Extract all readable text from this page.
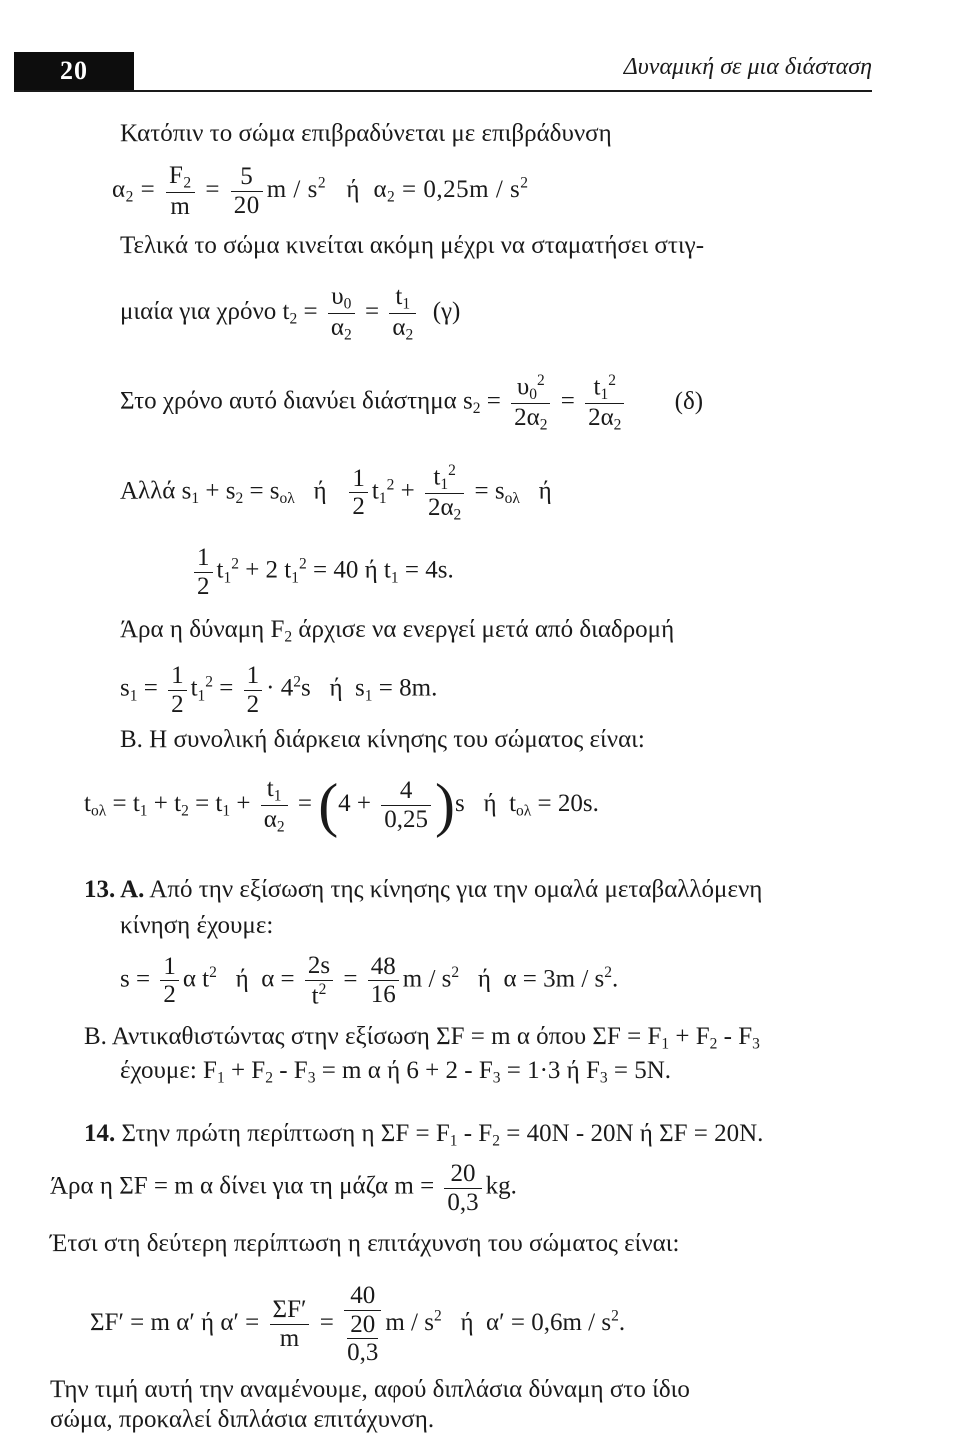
20	Δυναμική σε μια διάσταση
Κατόπιν το σώμα επιβραδύνεται με επιβράδυνση
$\alpha_2 = \frac{F_2}{m} = \frac{5}{20}$ m / $s^2$ ή  $\alpha_2 = 0,25m / s^2$
Τελικά το σώμα κινείται ακόμη μέχρι να σταματήσει στιγ-
μιαία για χρόνο $t_2 = \frac{\upsilon_0}{\alpha_2} = \frac{t_1}{\alpha_2} (\gamma)$
Στο χρόνο αυτό διανύει διάστημα $s_2 = \frac{\upsilon_0^2}{2\alpha_2} = \frac{t_1^2}{2\alpha_2} (\delta)$
Αλλά $s_1 + s_2 = s_{o\lambda}$   ή $\frac{1}{2} t_1^2 + \frac{t_1^2}{2\alpha_2} = s_{o\lambda}$   ή
$\frac{1}{2} t_1^2 + 2$ $t_1^2 = 40$ ή $t_1 = 4s$.
Άρα η δύναμη $F_2$ άρχισε να ενεργεί μετά από διαδρομή
$s_1 = \frac{1}{2} t_1^2 = \frac{1}{2} \cdot 4^2s$   ή  $s_1 = 8m$.
Β. Η συνολική διάρκεια κίνησης του σώματος είναι:
$t_{o\lambda} = t_1 + t_2 = t_1 + \frac{t_1}{\alpha_2} = (4 + \frac{4}{0,25} )s$   ή  $t_{o\lambda} = 20s$.
13. Α. Από την εξίσωση της κίνησης για την ομαλά μεταβαλλόμενη
κίνηση έχουμε:
$s = \frac{1}{2}$ α $t^2$   ή  $\alpha = \frac{2s}{t^2} = \frac{48}{16}$ m / $s^2$   ή  $\alpha = 3m / s^2$.
Β. Αντικαθιστώντας στην εξίσωση ΣF = m α όπου $\Sigma F = F_1 + F_2 - F_3$
έχουμε: $F_1 + F_2 - F_3 = m$ α ή $6 + 2 - F_3 = 1\cdot 3$ ή $F_3 = 5N$.
14. Στην πρώτη περίπτωση η $\Sigma F = F_1 - F_2 = 40N - 20N$ ή ΣF = 20N.
Άρα η ΣF = m α δίνει για τη μάζα $m = \frac{20}{0,3}$ kg.
Έτσι στη δεύτερη περίπτωση η επιτάχυνση του σώματος είναι:
ΣF′ = m α′ ή $\alpha' = \frac{\Sigma F'}{m} = 40$
20
0,3 m / $s^2$   ή  $\alpha' = 0,6m / s^2$.
Την τιμή αυτή την αναμένουμε, αφού διπλάσια δύναμη στο ίδιο
σώμα, προκαλεί διπλάσια επιτάχυνση.
